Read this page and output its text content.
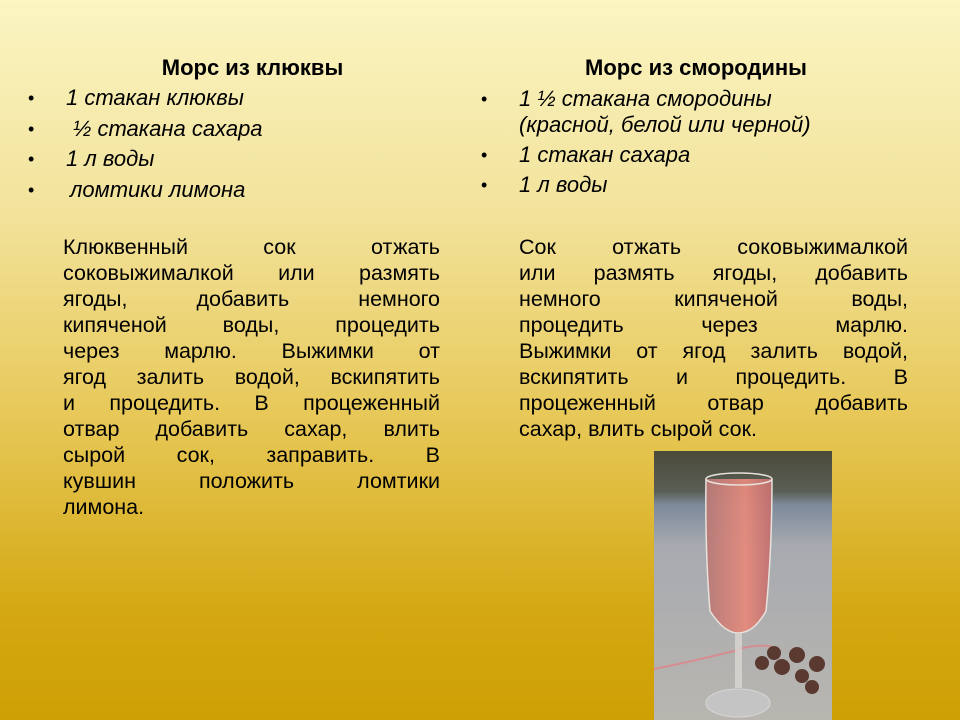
Морс из клюквы
• 1 стакан клюквы
• ½ стакана сахара
• 1 л воды
• ломтики лимона
Клюквенный сок отжать
соковыжималкой или размять
ягоды, добавить немного
кипяченой воды, процедить
через марлю. Выжимки от
ягод залить водой, вскипятить
и процедить. В процеженный
отвар добавить сахар, влить
сырой сок, заправить. В
кувшин положить ломтики
лимона.
Морс из смородины
• 1 ½ стакана смородины
(красной, белой или черной)
• 1 стакан сахара
• 1 л воды
Сок отжать соковыжималкой
или размять ягоды, добавить
немного кипяченой воды,
процедить через марлю.
Выжимки от ягод залить водой,
вскипятить и процедить. В
процеженный отвар добавить
сахар, влить сырой сок.
